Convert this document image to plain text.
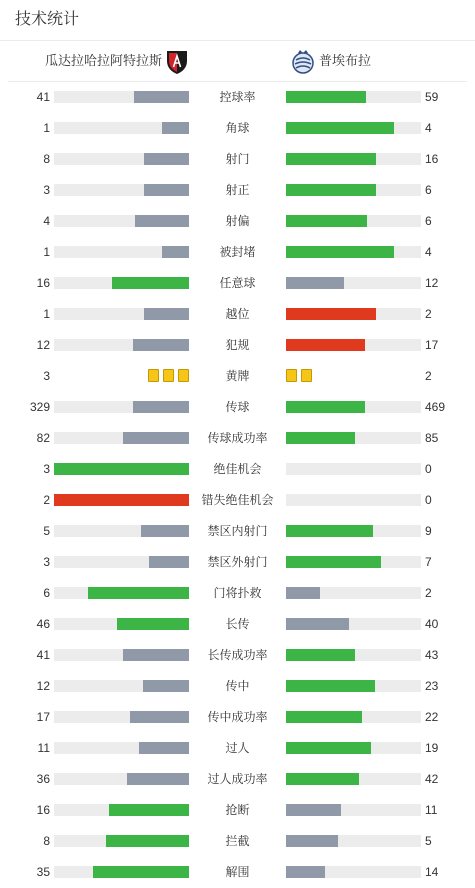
技术统计
瓜达拉哈拉阿特拉斯	普埃布拉
41	控球率	59
1	角球	4
8	射门	16
3	射正	6
4	射偏	6
1	被封堵	4
16	任意球	12
1	越位	2
12	犯规	17
3	黄牌	2
329	传球	469
82	传球成功率	85
3	绝佳机会	0
2	错失绝佳机会	0
5	禁区内射门	9
3	禁区外射门	7
6	门将扑救	2
46	长传	40
41	长传成功率	43
12	传中	23
17	传中成功率	22
11	过人	19
36	过人成功率	42
16	抢断	11
8	拦截	5
35	解围	14
